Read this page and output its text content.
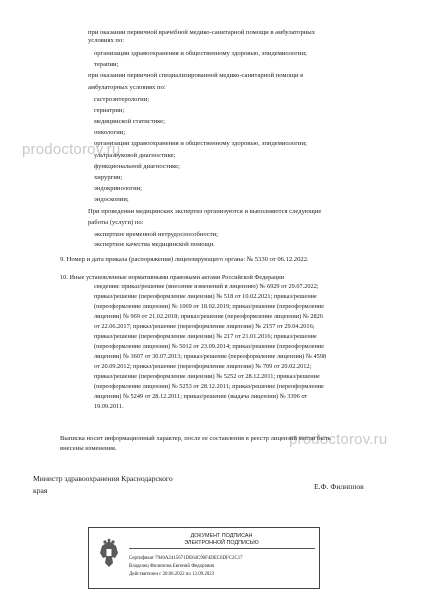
prodoctorov.ru
prodoctorov.ru
при оказании первичной врачебной медико-санитарной помощи в амбулаторных
условиях по:
организации здравоохранения и общественному здоровью, эпидемиологии;
терапии;
при оказании первичной специализированной медико-санитарной помощи в
амбулаторных условиях по:
гастроэнтерологии;
гериатрии;
медицинской статистике;
онкологии;
организации здравоохранения и общественному здоровью, эпидемиологии;
ультразвуковой диагностике;
функциональной диагностике;
хирургии;
эндокринологии;
эндоскопии;
При проведении медицинских экспертиз организуются и выполняются следующие
работы (услуги) по:
экспертизе временной нетрудоспособности;
экспертизе качества медицинской помощи.
9. Номер и дата приказа (распоряжения) лицензирующего органа: № 5330 от 06.12.2022.
10. Иные установленные нормативными правовыми актами Российской Федерации
сведения: приказ/решение (внесение изменений в лицензию) № 6929 от 29.07.2022;
приказ/решение (переоформление лицензии) № 518 от 10.02.2021; приказ/решение
(переоформление лицензии) № 1069 от 18.02.2019; приказ/решение (переоформление
лицензии) № 969 от 21.02.2018; приказ/решение (переоформление лицензии) № 2826
от 22.06.2017; приказ/решение (переоформление лицензии) № 2157 от 29.04.2016;
приказ/решение (переоформление лицензии) № 217 от 21.01.2016; приказ/решение
(переоформление лицензии) № 5012 от 23.09.2014; приказ/решение (переоформление
лицензии) № 3607 от 30.07.2013; приказ/решение (переоформление лицензии) № 4598
от 20.09.2012; приказ/решение (переоформление лицензии) № 709 от 20.02.2012;
приказ/решение (переоформление лицензии) № 5252 от 28.12.2011; приказ/решение
(переоформление лицензии) № 5253 от 28.12.2011; приказ/решение (переоформление
лицензии) № 5249 от 28.12.2011; приказ/решение (выдача лицензии) № 3396 от
19.09.2011.
Выписка носит информационный характер, после ее составления в реестр лицензий могли быть
внесены изменения.
Министр здравоохранения Краснодарского
края	Е.Ф. Филиппов
ДОКУМЕНТ ПОДПИСАН
ЭЛЕКТРОННОЙ ПОДПИСЬЮ
Сертификат 7940A2415671DE64C90F4DEC6DFC2C17
Владелец Филиппов Евгений Федорович
Действителен с 20.06.2022 по 13.09.2023
